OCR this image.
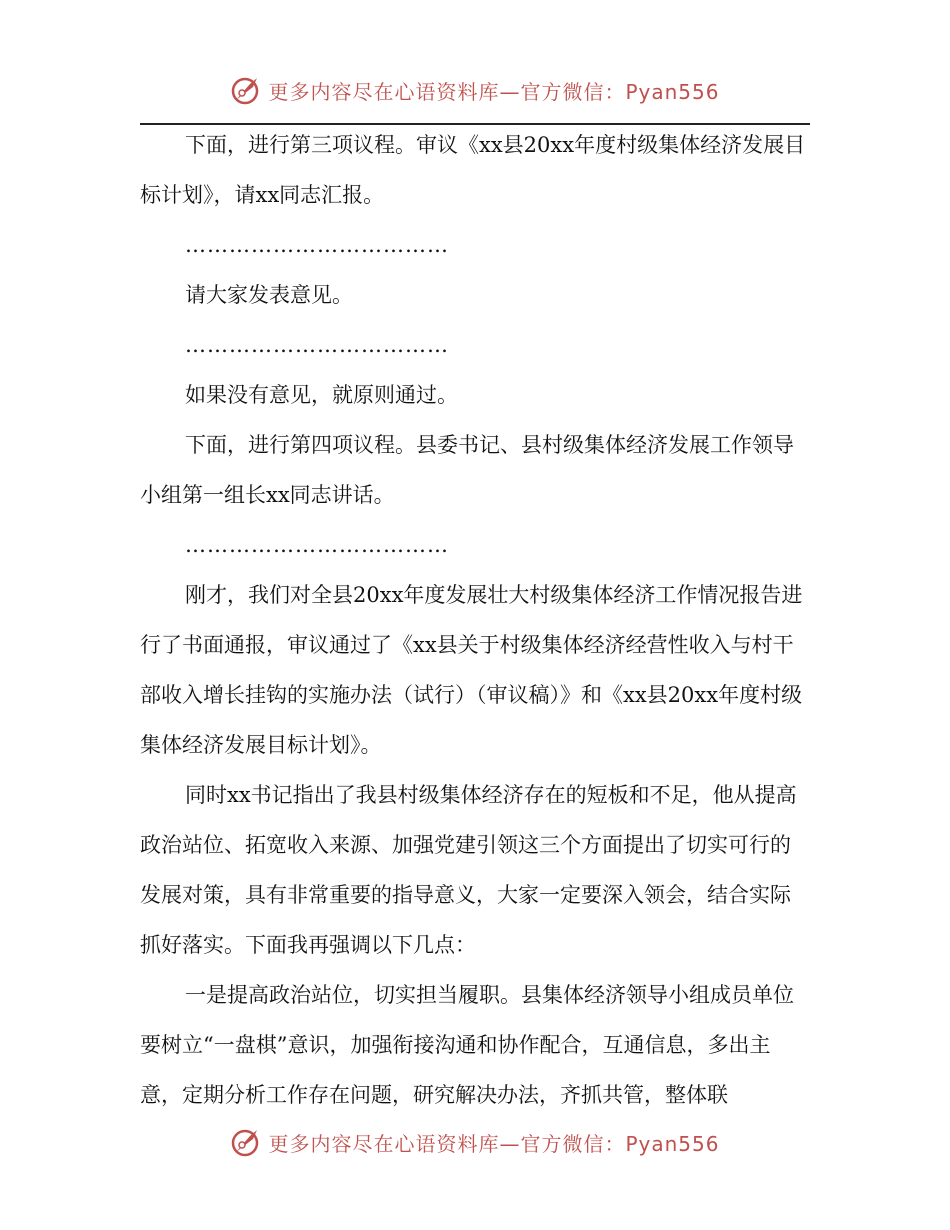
更多内容尽在心语资料库—官方微信：Pyan556

下面，进行第三项议程。审议《xx县20xx年度村级集体经济发展目标计划》，请xx同志汇报。

………………………………

请大家发表意见。

………………………………

如果没有意见，就原则通过。

下面，进行第四项议程。县委书记、县村级集体经济发展工作领导小组第一组长xx同志讲话。

………………………………

刚才，我们对全县20xx年度发展壮大村级集体经济工作情况报告进行了书面通报，审议通过了《xx县关于村级集体经济经营性收入与村干部收入增长挂钩的实施办法（试行）（审议稿）》和《xx县20xx年度村级集体经济发展目标计划》。

同时xx书记指出了我县村级集体经济存在的短板和不足，他从提高政治站位、拓宽收入来源、加强党建引领这三个方面提出了切实可行的发展对策，具有非常重要的指导意义，大家一定要深入领会，结合实际抓好落实。下面我再强调以下几点：

一是提高政治站位，切实担当履职。县集体经济领导小组成员单位要树立“一盘棋”意识，加强衔接沟通和协作配合，互通信息，多出主意，定期分析工作存在问题，研究解决办法，齐抓共管，整体联

更多内容尽在心语资料库—官方微信：Pyan556
